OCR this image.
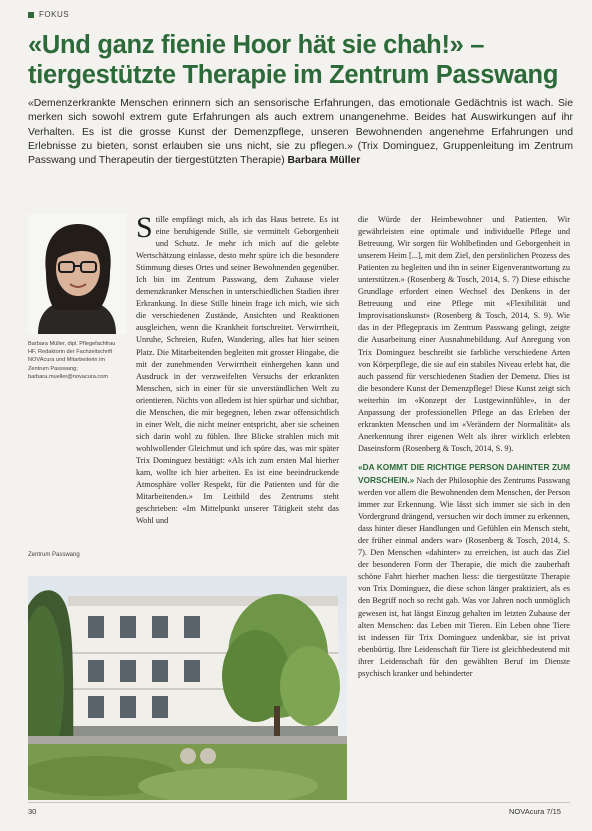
FOKUS
«Und ganz fienie Hoor hät sie chah!» –
tiergestützte Therapie im Zentrum Passwang
«Demenzerkrankte Menschen erinnern sich an sensorische Erfahrungen, das emotionale Gedächtnis ist wach. Sie merken sich sowohl extrem gute Erfahrungen als auch extrem unangenehme. Beides hat Auswirkungen auf ihr Verhalten. Es ist die grosse Kunst der Demenzpflege, unseren Bewohnenden angenehme Erfahrungen und Erlebnisse zu bieten, sonst erlauben sie uns nicht, sie zu pflegen.» (Trix Dominguez, Gruppenleitung im Zentrum Passwang und Therapeutin der tiergestützten Therapie) Barbara Müller
Barbara Müller, dipl. Pflegefachfrau HF, Redaktorin der Fachzeitschrift NOVAcura und Mitarbeiterin im Zentrum Passwang; barbara.mueller@novacura.com
Zentrum Passwang
Stille empfängt mich, als ich das Haus betrete. Es ist eine beruhigende Stille, sie vermittelt Geborgenheit und Schutz. Je mehr ich mich auf die gelebte Wertschätzung einlasse, desto mehr spüre ich die besondere Stimmung dieses Ortes und seiner Bewohnenden gegenüber. Ich bin im Zentrum Passwang, dem Zuhause vieler demenzkranker Menschen in unterschiedlichen Stadien ihrer Erkrankung. In diese Stille hinein frage ich mich, wie sich die verschiedenen Zustände, Ansichten und Reaktionen ausgleichen, wenn die Krankheit fortschreitet. Verwirrtheit, Unruhe, Schreien, Rufen, Wandering, alles hat hier seinen Platz. Die Mitarbeitenden begleiten mit grosser Hingabe, die mit der zunehmenden Verwirrtheit einhergehen kann und Ausdruck in der verzweifelten Versuchs der erkrankten Menschen, sich in einer für sie unverständlichen Welt zu orientieren. Nichts von alledem ist hier spürbar und sichtbar, die Menschen, die mir begegnen, leben zwar offensichtlich in einer Welt, die nicht meiner entspricht, aber sie scheinen sich darin wohl zu fühlen. Ihre Blicke strahlen mich mit wohlwollender Gleichmut und ich spüre das, was mir später Trix Dominguez bestätigt: «Als ich zum ersten Mal hierher kam, wollte ich hier arbeiten. Es ist eine beeindruckende Atmosphäre voller Respekt, für die Patienten und für die Mitarbeitenden.» Im Leitbild des Zentrums steht geschrieben: «Im Mittelpunkt unserer Tätigkeit steht das Wohl und
die Würde der Heimbewohner und Patienten. Wir gewährleisten eine optimale und individuelle Pflege und Betreuung. Wir sorgen für Wohlbefinden und Geborgenheit in unserem Heim [...], mit dem Ziel, den persönlichen Prozess des Patienten zu begleiten und ihn in seiner Eigenverantwortung zu unterstützen.» (Rosenberg & Tosch, 2014, S. 7) Diese ethische Grundlage erfordert einen Wechsel des Denkens in der Betreuung und eine Pflege mit «Flexibilität und Improvisationskunst» (Rosenberg & Tosch, 2014, S. 9). Wie das in der Pflegepraxis im Zentrum Passwang gelingt, zeigte die Ausarbeitung einer Ausnahmebildung. Auf Anregung von Trix Dominguez beschreibt sie farbliche verschiedene Arten von Körperpflege, die sie auf ein stabiles Niveau erlebt hat, die auch passend für verschiedenen Stadien der Demenz. Dies ist die besondere Kunst der Demenzpflege! Diese Kunst zeigt sich weiterhin im «Konzept der Lustgewinnfühle», in der Anpassung der professionellen Pflege an das Erleben der erkrankten Menschen und im «Verändern der Normalität» als Anerkennung ihrer eigenen Welt als ihrer wirklich erlebten Daseinsform (Rosenberg & Tosch, 2014, S. 9).
«DA KOMMT DIE RICHTIGE PERSON DAHINTER ZUM VORSCHEIN.» Nach der Philosophie des Zentrums Passwang werden vor allem die Bewohnenden dem Menschen, der Person immer zur Erkennung. Wie lässt sich immer sie sich in den Vordergrund drängend, versuchen wir doch immer zu erkennen, dass hinter dieser Handlungen und Gefühlen ein Mensch steht, der früher einmal anders war» (Rosenberg & Tosch, 2014, S. 7). Den Menschen «dahinter» zu erreichen, ist auch das Ziel der besonderen Form der Therapie, die mich die zauberhaft schöne Fahrt hierher machen liess: die tiergestützte Therapie von Trix Dominguez, die diese schon länger praktiziert, als es den Begriff noch so recht gab. Was vor Jahren noch unmöglich gewesen ist, hat längst Einzug gehalten im letzten Zuhause der alten Menschen: das Leben mit Tieren. Ein Leben ohne Tiere ist indessen für Trix Dominguez undenkbar, sie ist privat ebenbürtig. Ihre Leidenschaft für Tiere ist gleichbedeutend mit ihrer Leidenschaft für den gewählten Beruf im Dienste psychisch kranker und behinderter
30	NOVAcura 7/15
